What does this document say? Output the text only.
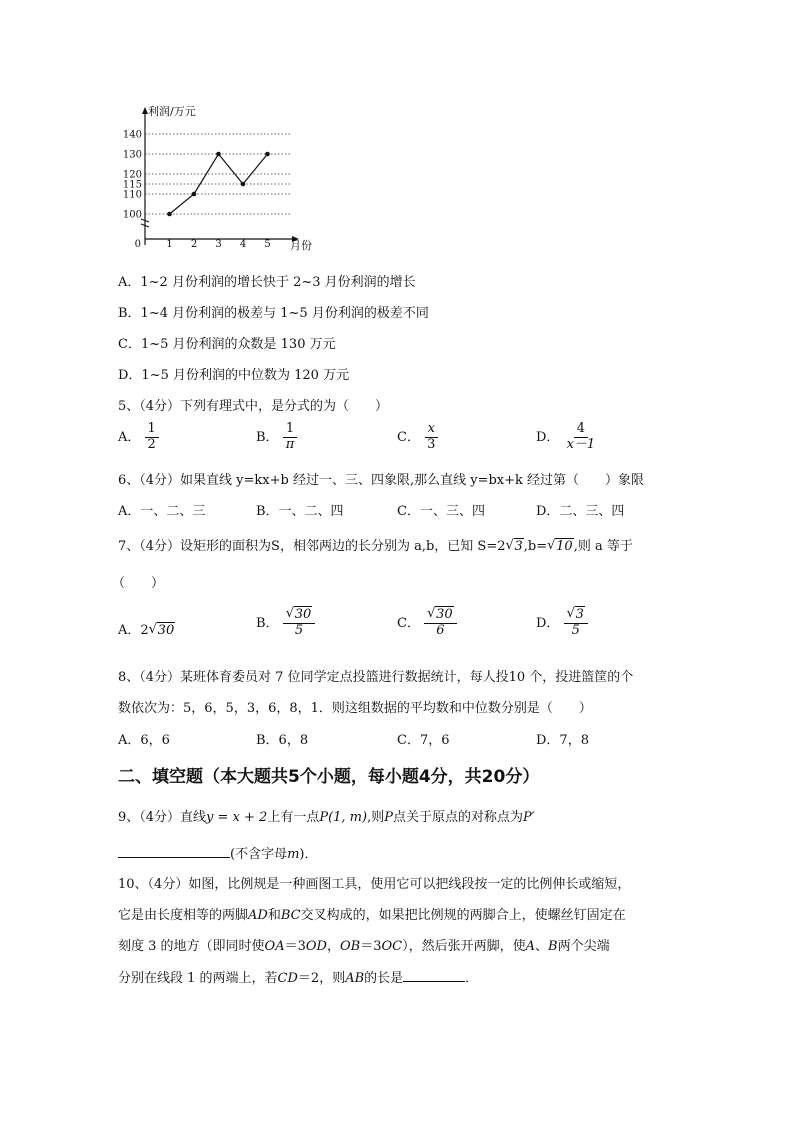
100
110
115
120
130
140
1 2 3 4 5
利润/万元
月份
0
A．1~2 月份利润的增长快于 2~3 月份利润的增长
B．1~4 月份利润的极差与 1~5 月份利润的极差不同
C．1~5 月份利润的众数是 130 万元
D．1~5 月份利润的中位数为 120 万元
5、（4分）下列有理式中，是分式的为（　　）
A． $\frac{1}{2}$	B． $\frac{1}{\pi}$	C． $\frac{x}{3}$	D． $\frac{4}{x-1}$
6、（4分）如果直线 y=kx+b 经过一、三、四象限,那么直线 y=bx+k 经过第（　　）象限
A．一、二、三	B．一、二、四	C．一、三、四	D．二、三、四
7、（4分）设矩形的面积为S，相邻两边的长分别为 a,b，已知 S=2 √ 3,b= √ 10,则 a 等于
（　　）
A．2 √ 30	B． $\frac{√ 30}{5}$	C． $\frac{√ 30}{6}$	D． $\frac{√ 3}{5}$
8、（4分）某班体育委员对 7 位同学定点投篮进行数据统计，每人投10 个，投进篮筐的个
数依次为：5，6，5，3，6，8，1．则这组数据的平均数和中位数分别是（　　）
A．6，6	B．6，8	C．7，6	D．7，8
二、填空题（本大题共5个小题，每小题4分，共20分）
9、（4分）直线y = x + 2上有一点P(1, m),则P点关于原点的对称点为P′
(不含字母m)．
10、（4分）如图，比例规是一种画图工具，使用它可以把线段按一定的比例伸长或缩短，
它是由长度相等的两脚AD和BC交叉构成的，如果把比例规的两脚合上，使螺丝钉固定在
刻度 3 的地方（即同时使OA＝3OD，OB＝3OC），然后张开两脚，使A、B两个尖端
分别在线段 1 的两端上，若CD＝2，则AB的长是	．
